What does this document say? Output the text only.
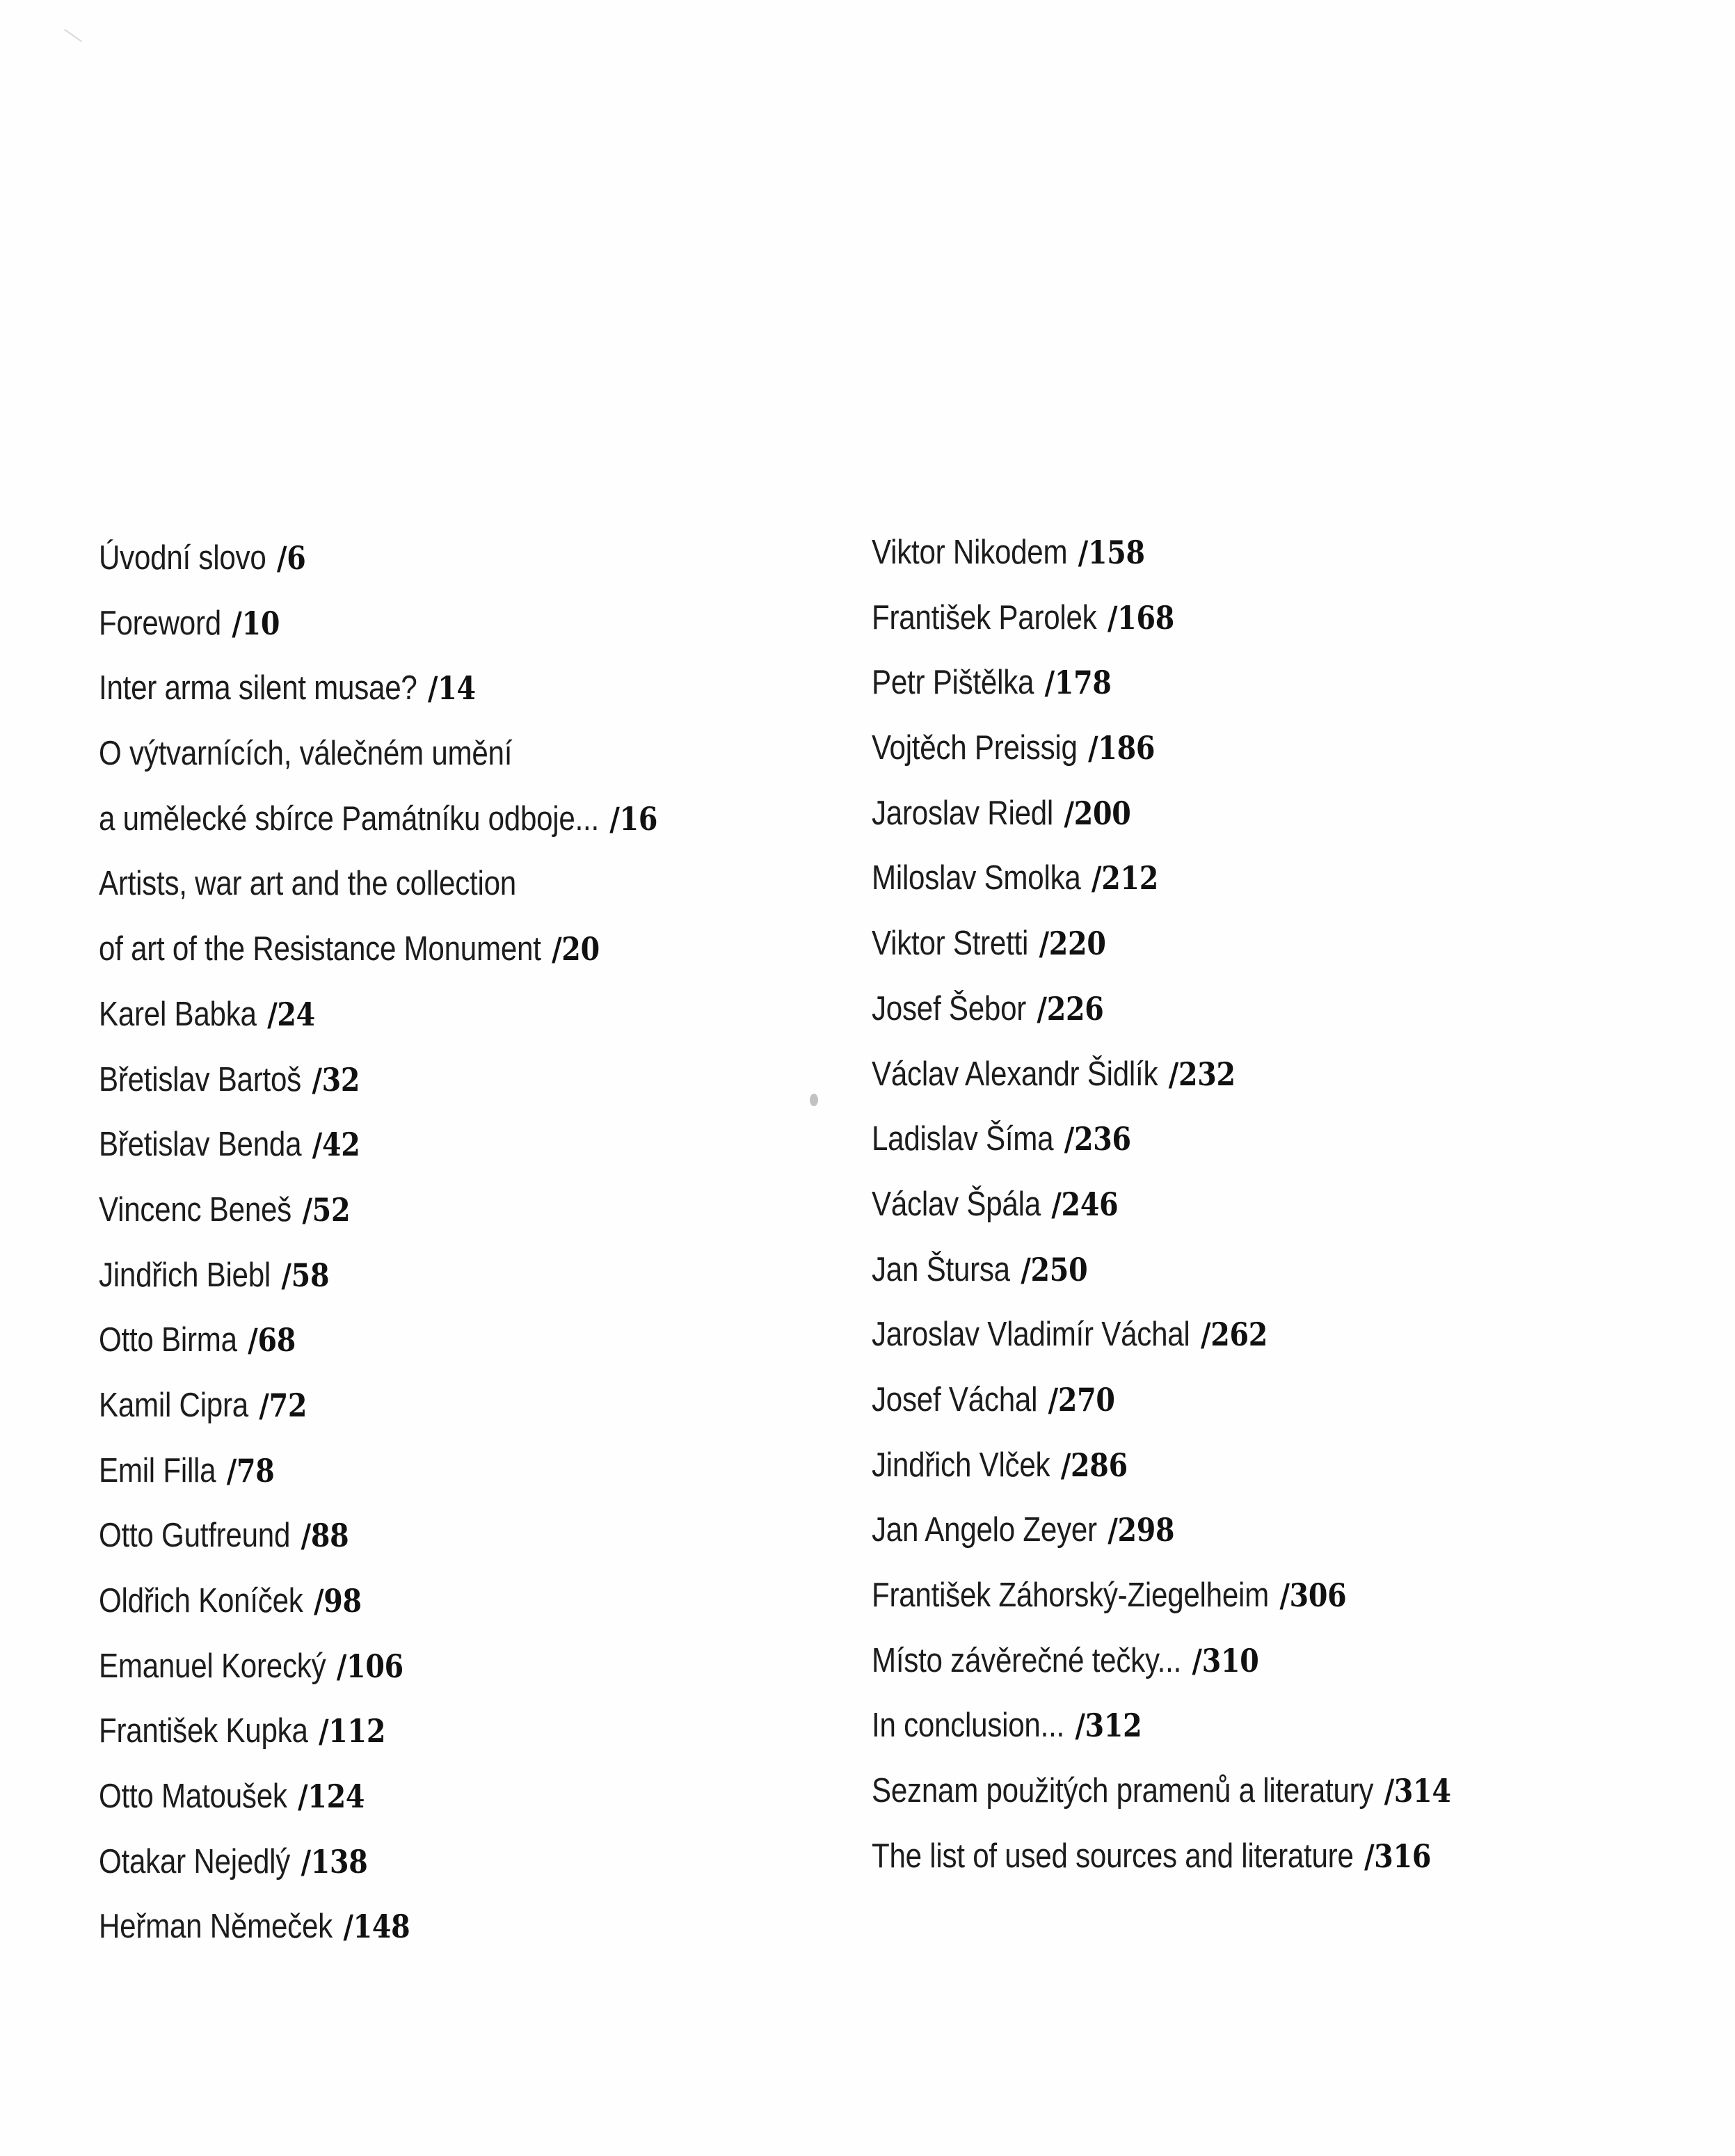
Úvodní slovo /6
Foreword /10
Inter arma silent musae? /14
O výtvarnících, válečném umění
a umělecké sbírce Památníku odboje... /16
Artists, war art and the collection
of art of the Resistance Monument /20
Karel Babka /24
Břetislav Bartoš /32
Břetislav Benda /42
Vincenc Beneš /52
Jindřich Biebl /58
Otto Birma /68
Kamil Cipra /72
Emil Filla /78
Otto Gutfreund /88
Oldřich Koníček /98
Emanuel Korecký /106
František Kupka /112
Otto Matoušek /124
Otakar Nejedlý /138
Heřman Němeček /148
Viktor Nikodem /158
František Parolek /168
Petr Pištělka /178
Vojtěch Preissig /186
Jaroslav Riedl /200
Miloslav Smolka /212
Viktor Stretti /220
Josef Šebor /226
Václav Alexandr Šidlík /232
Ladislav Šíma /236
Václav Špála /246
Jan Štursa /250
Jaroslav Vladimír Váchal /262
Josef Váchal /270
Jindřich Vlček /286
Jan Angelo Zeyer /298
František Záhorský-Ziegelheim /306
Místo závěrečné tečky... /310
In conclusion... /312
Seznam použitých pramenů a literatury /314
The list of used sources and literature /316
